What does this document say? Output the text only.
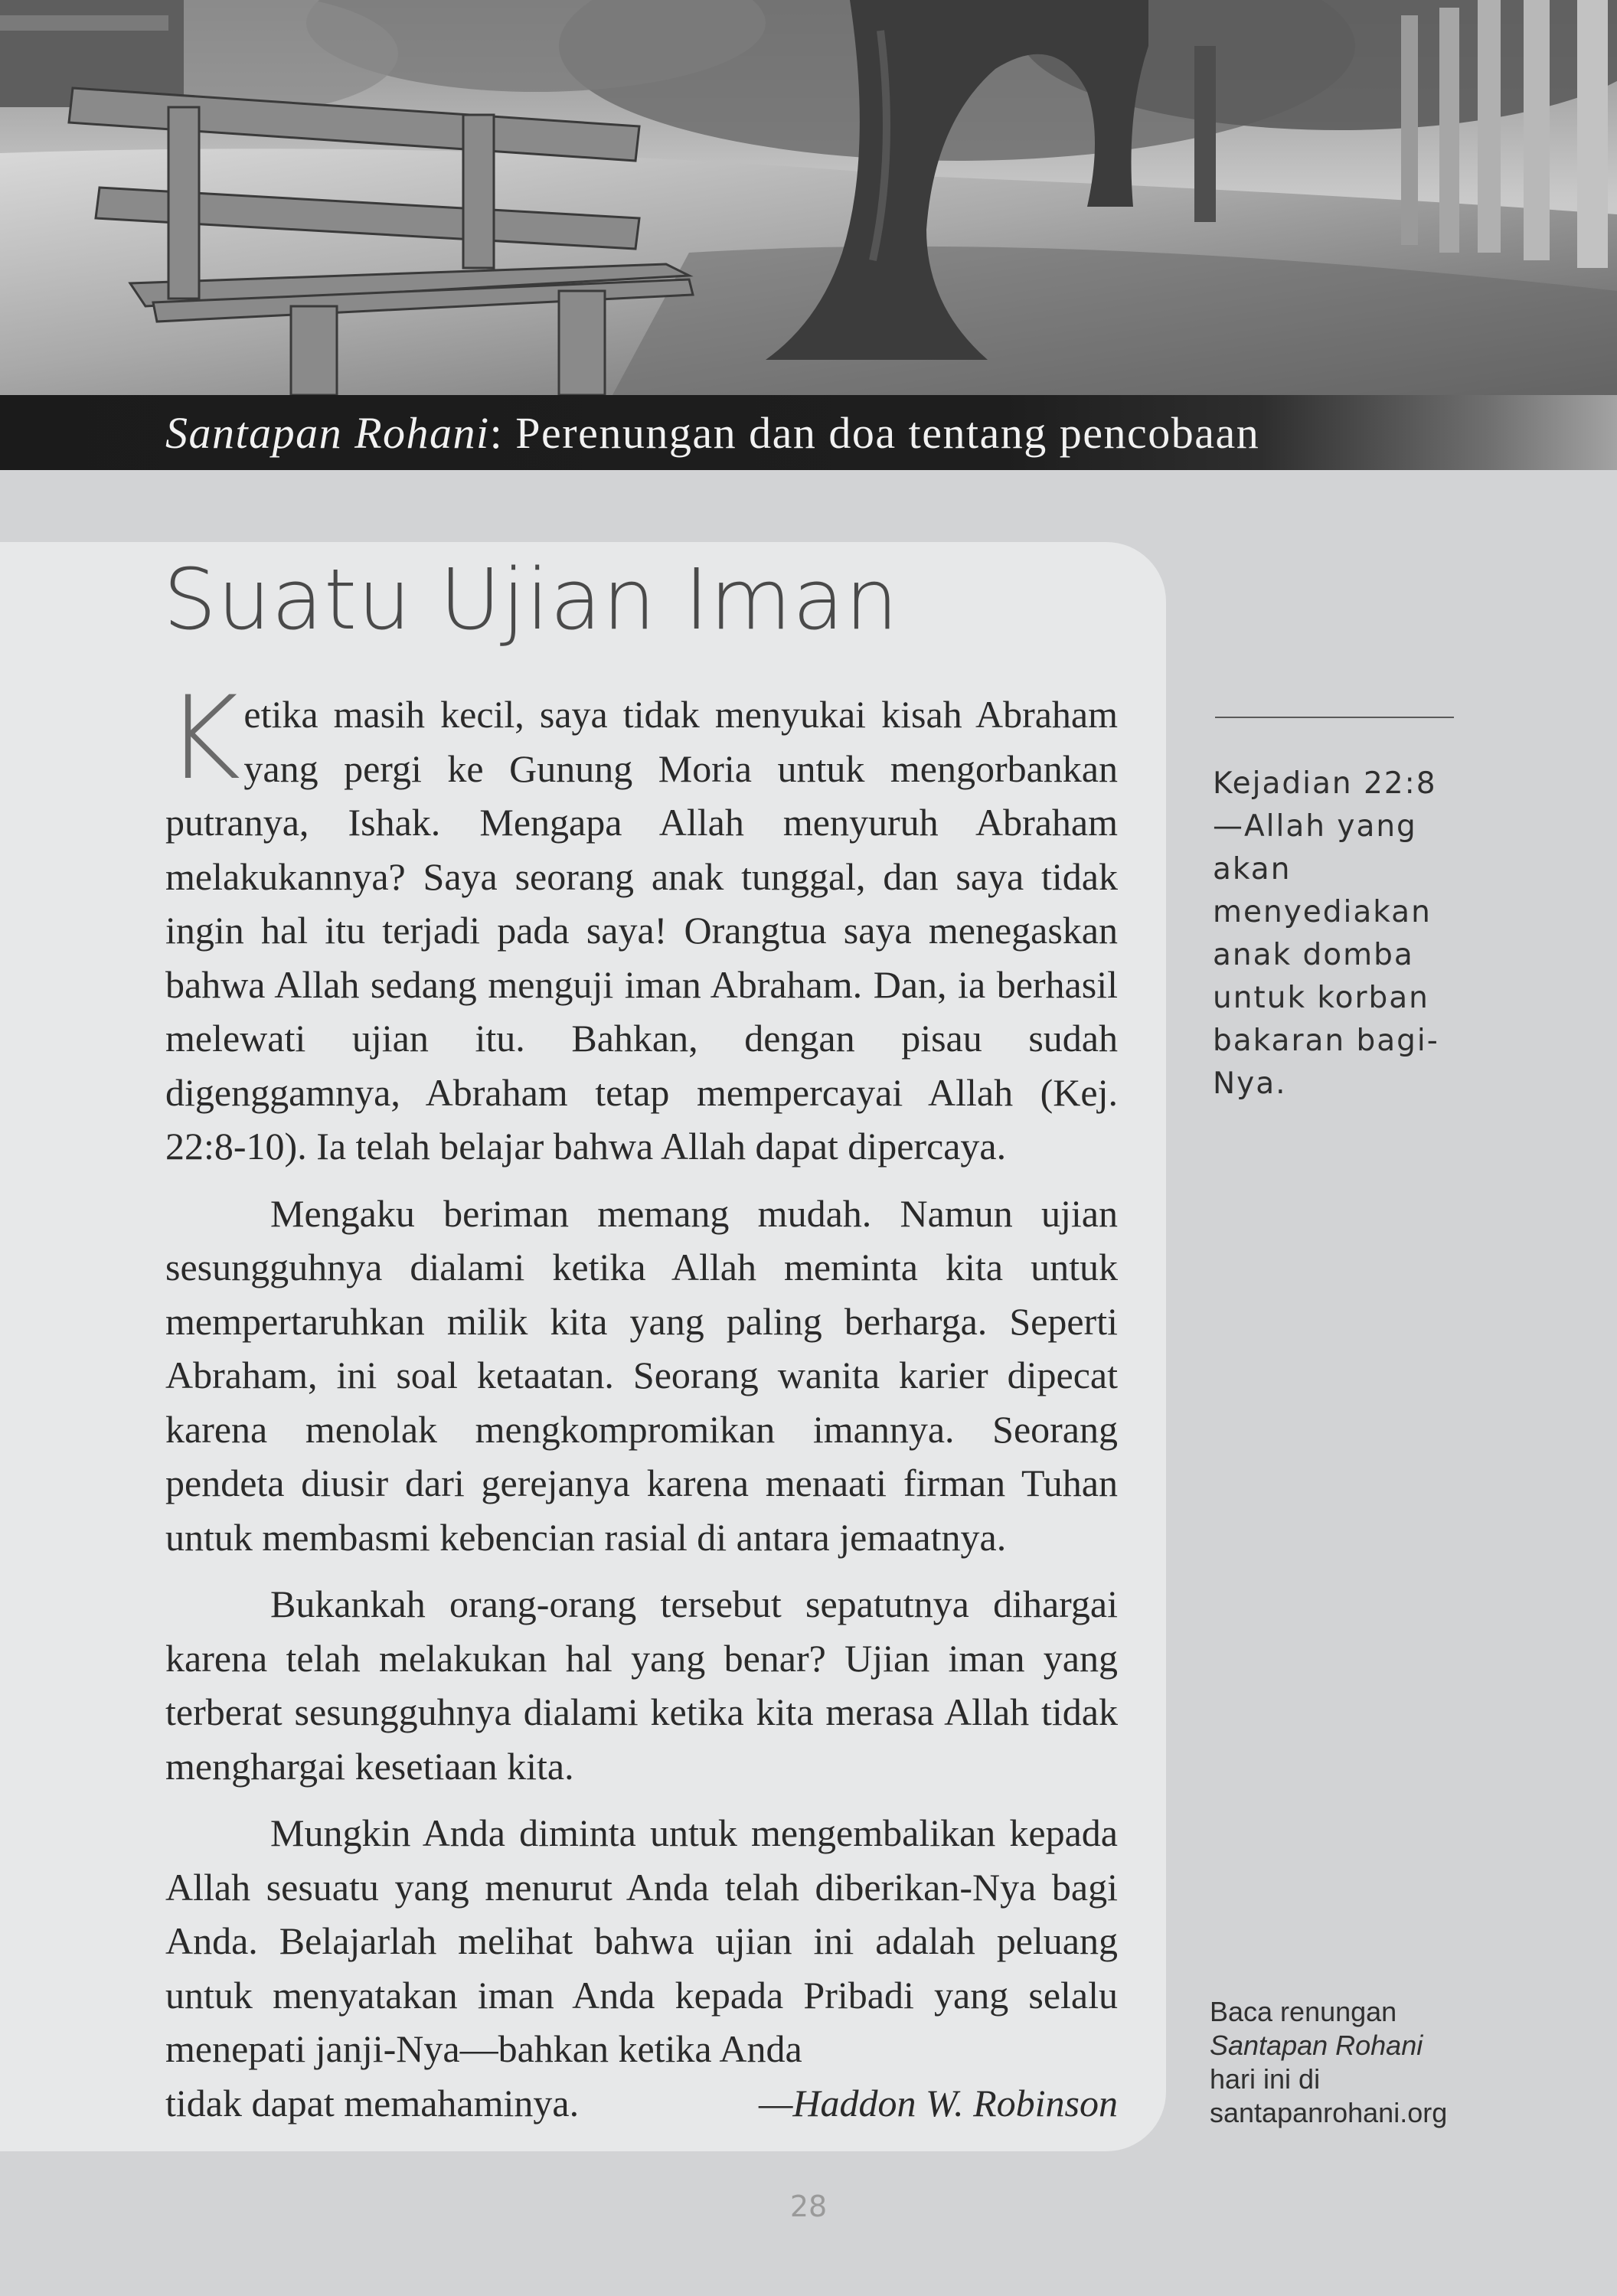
Santapan Rohani: Perenungan dan doa tentang pencobaan
Suatu Ujian Iman

Ketika masih kecil, saya tidak menyukai kisah Abraham yang pergi ke Gunung Moria untuk mengorbankan putranya, Ishak. Mengapa Allah menyuruh Abraham melakukannya? Saya seorang anak tunggal, dan saya tidak ingin hal itu terjadi pada saya! Orangtua saya menegaskan bahwa Allah sedang menguji iman Abraham. Dan, ia berhasil melewati ujian itu. Bahkan, dengan pisau sudah digenggamnya, Abraham tetap mempercayai Allah (Kej. 22:8-10). Ia telah belajar bahwa Allah dapat dipercaya.

Mengaku beriman memang mudah. Namun ujian sesungguhnya dialami ketika Allah meminta kita untuk mempertaruhkan milik kita yang paling berharga. Seperti Abraham, ini soal ketaatan. Seorang wanita karier dipecat karena menolak mengkompromikan imannya. Seorang pendeta diusir dari gerejanya karena menaati firman Tuhan untuk membasmi kebencian rasial di antara jemaatnya.

Bukankah orang-orang tersebut sepatutnya dihargai karena telah melakukan hal yang benar? Ujian iman yang terberat sesungguhnya dialami ketika kita merasa Allah tidak menghargai kesetiaan kita.

Mungkin Anda diminta untuk mengembalikan kepada Allah sesuatu yang menurut Anda telah diberikan-Nya bagi Anda. Belajarlah melihat bahwa ujian ini adalah peluang untuk menyatakan iman Anda kepada Pribadi yang selalu menepati janji-Nya—bahkan ketika Anda

tidak dapat memahaminya.	—Haddon W. Robinson
Kejadian 22:8 —Allah yang akan menyediakan anak domba untuk korban bakaran bagi-Nya.
Baca renungan
Santapan Rohani
hari ini di
santapanrohani.org
28
